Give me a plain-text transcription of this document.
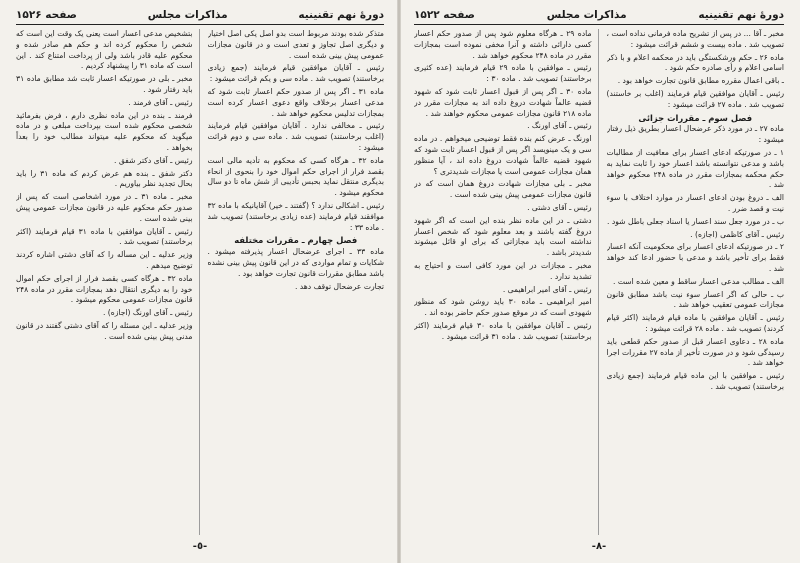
دورهٔ نهم تقنینیه
مذاکرات مجلس
صفحه ۱۵۲۶

متذکر شده بودند مربوط است بدو اصل یکی اصل اختیار و دیگری اصل تجاوز و تعدی است و در قانون مجازات عمومی پیش بینی شده است .

رئیس ـ آقایان موافقین قیام فرمایند (جمع زیادی برخاستند) تصویب شد . ماده سی و یکم قرائت میشود :

ماده ۳۱ ـ اگر پس از صدور حکم اعسار ثابت شود که مدعی اعسار برخلاف واقع دعوی اعسار کرده است بمجازات تدلیس محکوم خواهد شد .

رئیس ـ مخالفی ندارد . آقایان موافقین قیام فرمایند (اغلب برخاستند) تصویب شد . ماده سی و دوم قرائت میشود :

ماده ۳۲ ـ هرگاه کسی که محکوم به تأدیه مالی است بقصد فرار از اجرای حکم اموال خود را بنحوی از انحاء بدیگری منتقل نماید بحبس تأدیبی از شش ماه تا دو سال محکوم میشود .

رئیس ـ اشکالی ندارد ؟ (گفتند ـ خیر) آقایانیکه با ماده ۳۲ موافقند قیام فرمایند (عده زیادی برخاستند) تصویب شد . ماده ۳۳ :

فصل چهارم ـ مقررات مختلفه

ماده ۳۳ ـ اجرای عرضحال اعسار پذیرفته میشود . شکایات و تمام مواردی که در این قانون پیش بینی نشده باشد مطابق مقررات قانون تجارت خواهد بود .

تجارت عرضحال توقف دهد .

بتشخیص مدعی اعسار است یعنی یک وقت این است که شخص را محکوم کرده اند و حکم هم صادر شده و محکوم علیه قادر باشد ولی از پرداخت امتناع کند . این است که ماده ۳۱ را پیشنهاد کردیم .

مخبر ـ بلی در صورتیکه اعسار ثابت شد مطابق ماده ۳۱ باید رفتار شود .

رئیس ـ آقای فرمند .

فرمند ـ بنده در این ماده نظری دارم ، فرض بفرمائید شخصی محکوم شده است بپرداخت مبلغی و در ماده میگوید که محکوم علیه میتواند مطالب خود را بعداً بخواهد .

رئیس ـ آقای دکتر شفق .

دکتر شفق ـ بنده هم عرض کردم که ماده ۳۱ را باید بحال تجدید نظر بیاوریم .

مخبر ـ ماده ۳۱ ـ در مورد اشخاصی است که پس از صدور حکم محکوم علیه در قانون مجازات عمومی پیش بینی شده است .

رئیس ـ آقایان موافقین با ماده ۳۱ قیام فرمایند (اکثر برخاستند) تصویب شد .

وزیر عدلیه ـ این مسأله را که آقای دشتی اشاره کردند توضیح میدهم .

ماده ۳۲ ـ هرگاه کسی بقصد فرار از اجرای حکم اموال خود را به دیگری انتقال دهد بمجازات مقرر در ماده ۲۴۸ قانون مجازات عمومی محکوم میشود .

رئیس ـ آقای اورنگ (اجازه) .

وزیر عدلیه ـ این مسئله را که آقای دشتی گفتند در قانون مدنی پیش بینی شده است .

-٥-
دورهٔ نهم تقنینیه
مذاکرات مجلس
صفحه ۱۵۲۲

مخبر ـ آقا ... در پس از تشریح ماده فرمانی نداده است ، تصویب شد . ماده بیست و ششم قرائت میشود :

ماده ۲۶ ـ حکم ورشکستگی باید در محکمه اعلام و با ذکر اسامی اعلام و رأی صادره حکم شود .

ـ باقی اعمال مقرره مطابق قانون تجارت خواهد بود .

رئیس ـ آقایان موافقین قیام فرمایند (اغلب بر خاستند) تصویب شد . ماده ۲۷ قرائت میشود :

فصل سوم ـ مقررات جزائی

ماده ۲۷ ـ در مورد ذکر عرضحال اعسار بطریق ذیل رفتار میشود :

۱ ـ در صورتیکه ادعای اعسار برای معافیت از مطالبات باشد و مدعی نتوانسته باشد اعسار خود را ثابت نماید به حکم محکمه بمجازات مقرر در ماده ۲۴۸ محکوم خواهد شد .

الف ـ دروغ بودن ادعای اعسار در موارد اختلاف با سوء نیت و قصد ضرر .

ب ـ در مورد جعل سند اعسار یا اسناد جعلی باطل شود .

رئیس ـ آقای کاظمی (اجازه) .

۲ ـ در صورتیکه ادعای اعسار برای محکومیت آنکه اعسار فقط برای تأخیر باشد و مدعی با حضور ادعا کند خواهد شد .

الف ـ مطالب مدعی اعسار ساقط و معین شده است .

ب ـ حالی که اگر اعسار سوء نیت باشد مطابق قانون مجازات عمومی تعقیب خواهد شد .

رئیس ـ آقایان موافقین با ماده قیام فرمایند (اکثر قیام کردند) تصویب شد . ماده ۲۸ قرائت میشود :

ماده ۲۸ ـ دعاوی اعسار قبل از صدور حکم قطعی باید رسیدگی شود و در صورت تأخیر از ماده ۲۷ مقررات اجرا خواهد شد .

رئیس ـ موافقین با این ماده قیام فرمایند (جمع زیادی برخاستند) تصویب شد .

ماده ۲۹ ـ هرگاه معلوم شود پس از صدور حکم اعسار کسی دارائی داشته و آنرا مخفی نموده است بمجازات مقرر در ماده ۲۴۸ محکوم خواهد شد .

رئیس ـ موافقین با ماده ۲۹ قیام فرمایند (عده کثیری برخاستند) تصویب شد . ماده ۳۰ :

ماده ۳۰ ـ اگر پس از قبول اعسار ثابت شود که شهود قضیه عالماً شهادت دروغ داده اند به مجازات مقرر در ماده ۲۱۸ قانون مجازات عمومی محکوم خواهند شد .

رئیس ـ آقای اورنگ .

اورنگ ـ عرض کنم بنده فقط توضیحی میخواهم . در ماده سی و یک مینویسد اگر پس از قبول اعسار ثابت شود که شهود قضیه عالماً شهادت دروغ داده اند ، آیا منظور همان مجازات عمومی است یا مجازات شدیدتری ؟

مخبر ـ بلی مجازات شهادت دروغ همان است که در قانون مجازات عمومی پیش بینی شده است .

رئیس ـ آقای دشتی .

دشتی ـ در این ماده نظر بنده این است که اگر شهود دروغ گفته باشند و بعد معلوم شود که شخص اعسار نداشته است باید مجازاتی که برای او قائل میشوند شدیدتر باشد .

مخبر ـ مجازات در این مورد کافی است و احتیاج به تشدید ندارد .

رئیس ـ آقای امیر ابراهیمی .

امیر ابراهیمی ـ ماده ۳۰ باید روشن شود که منظور شهودی است که در موقع صدور حکم حاضر بوده اند .

رئیس ـ آقایان موافقین با ماده ۳۰ قیام فرمایند (اکثر برخاستند) تصویب شد . ماده ۳۱ قرائت میشود .

-٨-
